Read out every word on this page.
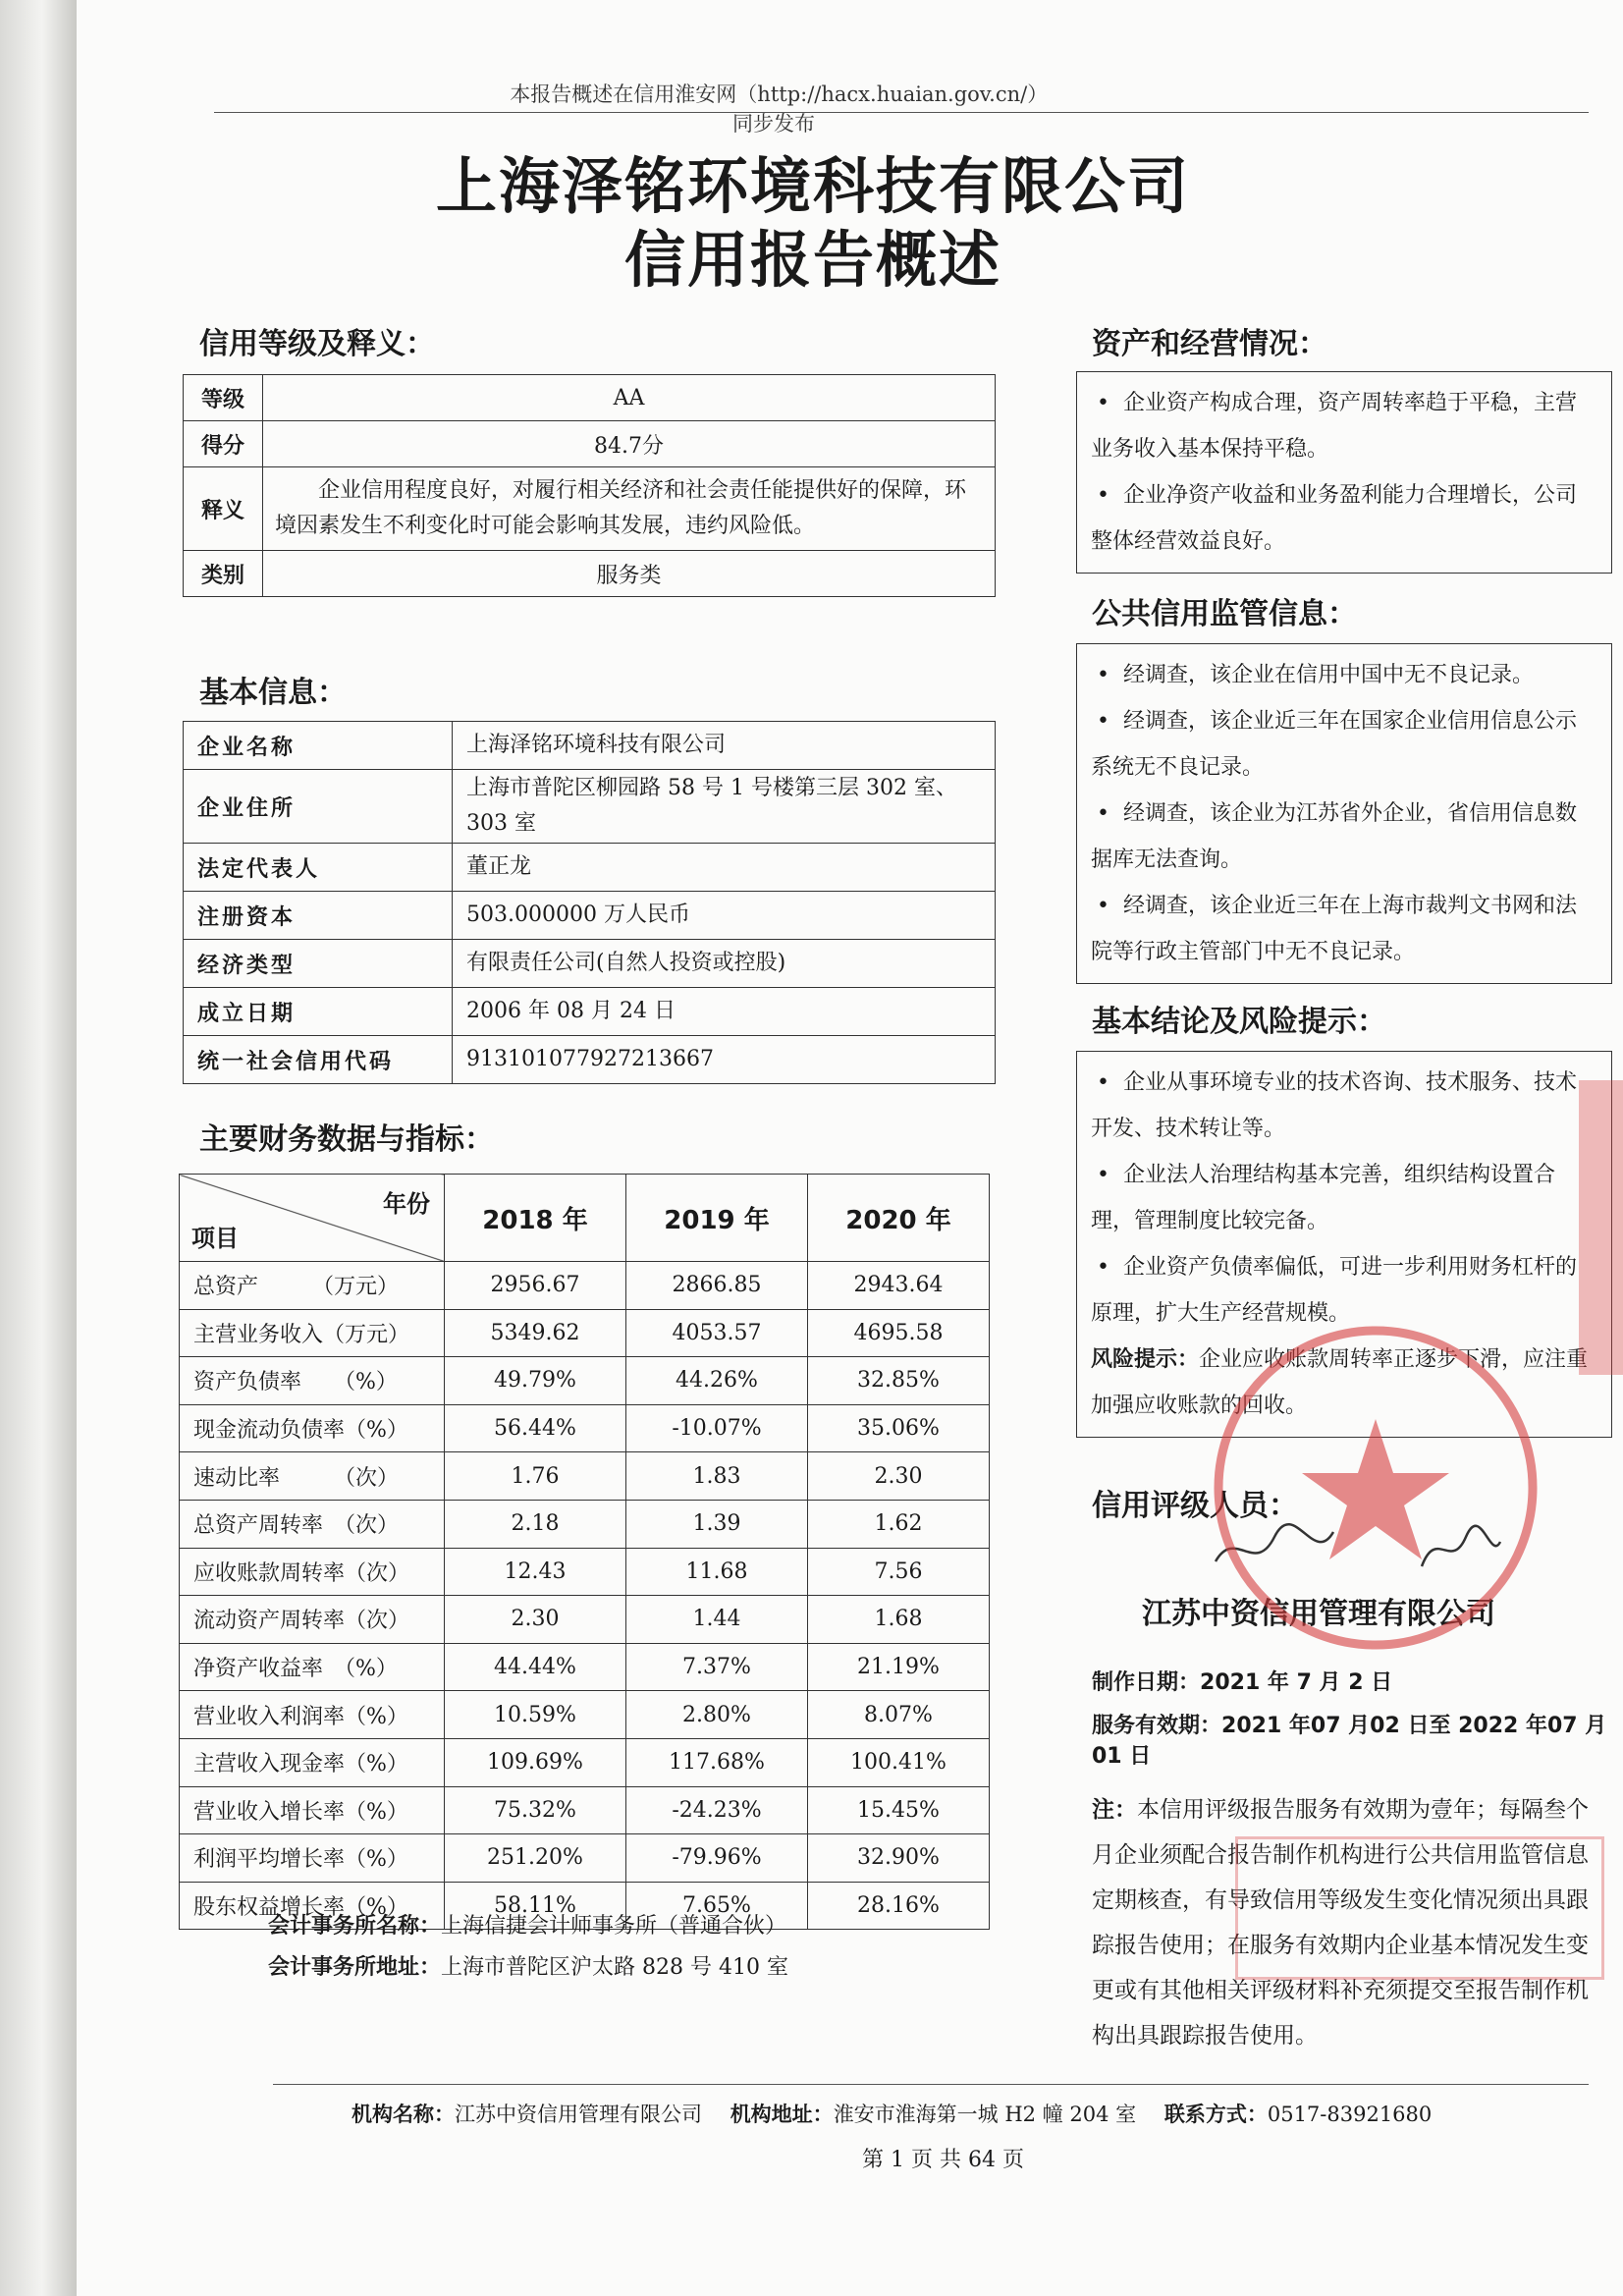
本报告概述在信用淮安网（http://hacx.huaian.gov.cn/）同步发布
上海泽铭环境科技有限公司
信用报告概述
信用等级及释义：
等级	AA
得分	84.7分
释义	企业信用程度良好，对履行相关经济和社会责任能提供好的保障，环境因素发生不利变化时可能会影响其发展，违约风险低。
类别	服务类
基本信息：
企业名称	上海泽铭环境科技有限公司
企业住所	上海市普陀区柳园路 58 号 1 号楼第三层 302 室、303 室
法定代表人	董正龙
注册资本	503.000000 万人民币
经济类型	有限责任公司(自然人投资或控股)
成立日期	2006 年 08 月 24 日
统一社会信用代码	913101077927213667
主要财务数据与指标：
年份
项目	2018 年	2019 年	2020 年
总资产　　　（万元）	2956.67	2866.85	2943.64
主营业务收入（万元）	5349.62	4053.57	4695.58
资产负债率　　（%）	49.79%	44.26%	32.85%
现金流动负债率（%）	56.44%	-10.07%	35.06%
速动比率　　　（次）	1.76	1.83	2.30
总资产周转率　（次）	2.18	1.39	1.62
应收账款周转率（次）	12.43	11.68	7.56
流动资产周转率（次）	2.30	1.44	1.68
净资产收益率　（%）	44.44%	7.37%	21.19%
营业收入利润率（%）	10.59%	2.80%	8.07%
主营收入现金率（%）	109.69%	117.68%	100.41%
营业收入增长率（%）	75.32%	-24.23%	15.45%
利润平均增长率（%）	251.20%	-79.96%	32.90%
股东权益增长率（%）	58.11%	7.65%	28.16%
会计事务所名称：上海信捷会计师事务所（普通合伙）
会计事务所地址：上海市普陀区沪太路 828 号 410 室
资产和经营情况：

• 企业资产构成合理，资产周转率趋于平稳，主营业务收入基本保持平稳。

• 企业净资产收益和业务盈利能力合理增长，公司整体经营效益良好。

公共信用监管信息：

• 经调查，该企业在信用中国中无不良记录。

• 经调查，该企业近三年在国家企业信用信息公示系统无不良记录。

• 经调查，该企业为江苏省外企业，省信用信息数据库无法查询。

• 经调查，该企业近三年在上海市裁判文书网和法院等行政主管部门中无不良记录。

基本结论及风险提示：

• 企业从事环境专业的技术咨询、技术服务、技术开发、技术转让等。

• 企业法人治理结构基本完善，组织结构设置合理，管理制度比较完备。

• 企业资产负债率偏低，可进一步利用财务杠杆的原理，扩大生产经营规模。

风险提示：企业应收账款周转率正逐步下滑，应注重加强应收账款的回收。

信用评级人员：
江苏中资信用管理有限公司
制作日期：2021 年 7 月 2 日
服务有效期：2021 年07 月02 日至 2022 年07 月01 日
注：本信用评级报告服务有效期为壹年；每隔叁个月企业须配合报告制作机构进行公共信用监管信息定期核查，有导致信用等级发生变化情况须出具跟踪报告使用；在服务有效期内企业基本情况发生变更或有其他相关评级材料补充须提交至报告制作机构出具跟踪报告使用。
机构名称：江苏中资信用管理有限公司 机构地址：淮安市淮海第一城 H2 幢 204 室 联系方式：0517-83921680
第 1 页 共 64 页
